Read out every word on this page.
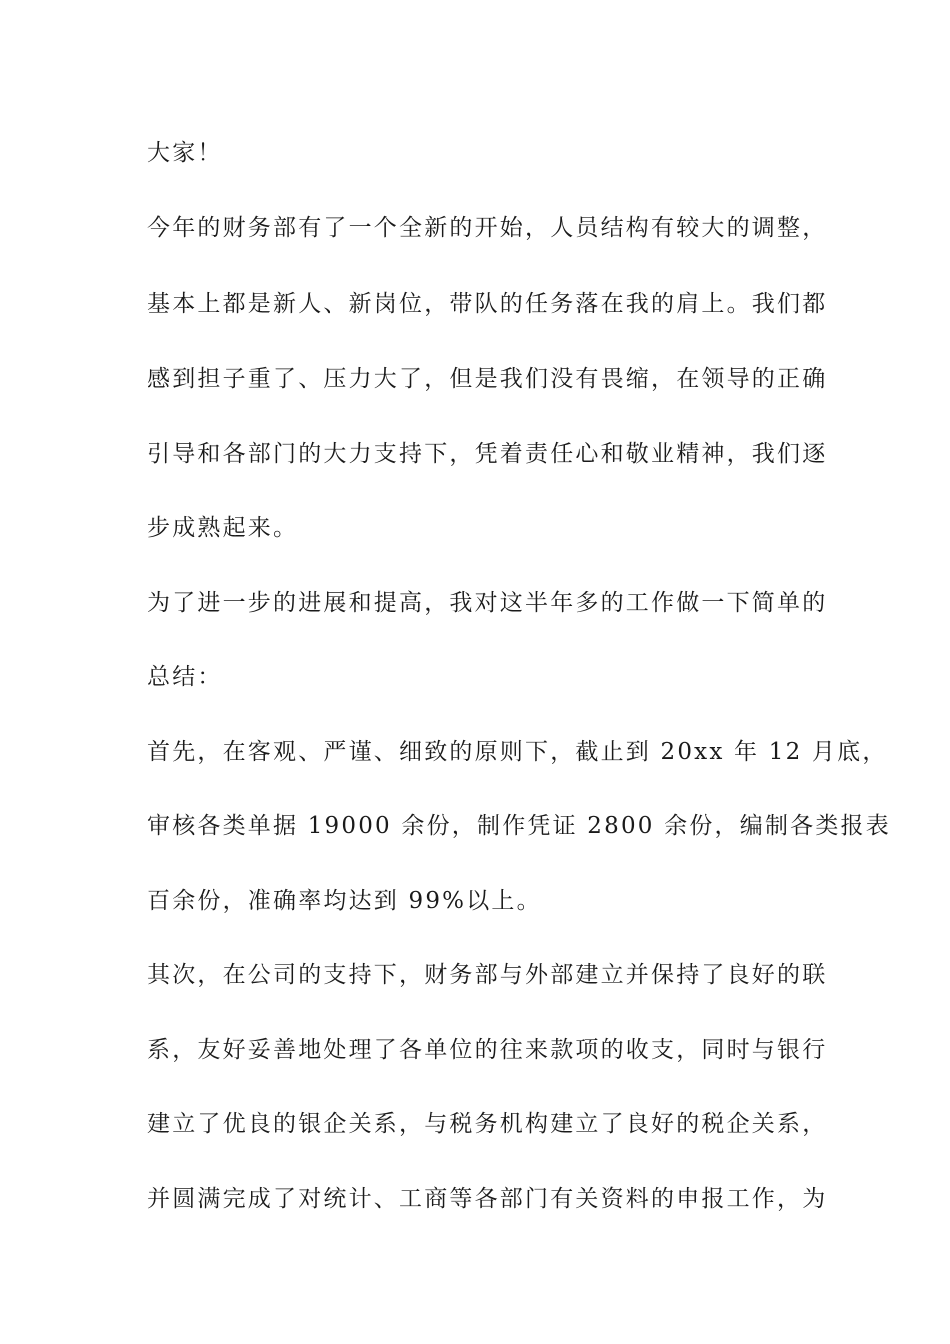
大家！
今年的财务部有了一个全新的开始，人员结构有较大的调整，
基本上都是新人、新岗位，带队的任务落在我的肩上。我们都
感到担子重了、压力大了，但是我们没有畏缩，在领导的正确
引导和各部门的大力支持下，凭着责任心和敬业精神，我们逐
步成熟起来。
为了进一步的进展和提高，我对这半年多的工作做一下简单的
总结：
首先，在客观、严谨、细致的原则下，截止到 20xx 年 12 月底，
审核各类单据 19000 余份，制作凭证 2800 余份，编制各类报表
百余份，准确率均达到 99%以上。
其次，在公司的支持下，财务部与外部建立并保持了良好的联
系，友好妥善地处理了各单位的往来款项的收支，同时与银行
建立了优良的银企关系，与税务机构建立了良好的税企关系，
并圆满完成了对统计、工商等各部门有关资料的申报工作，为
